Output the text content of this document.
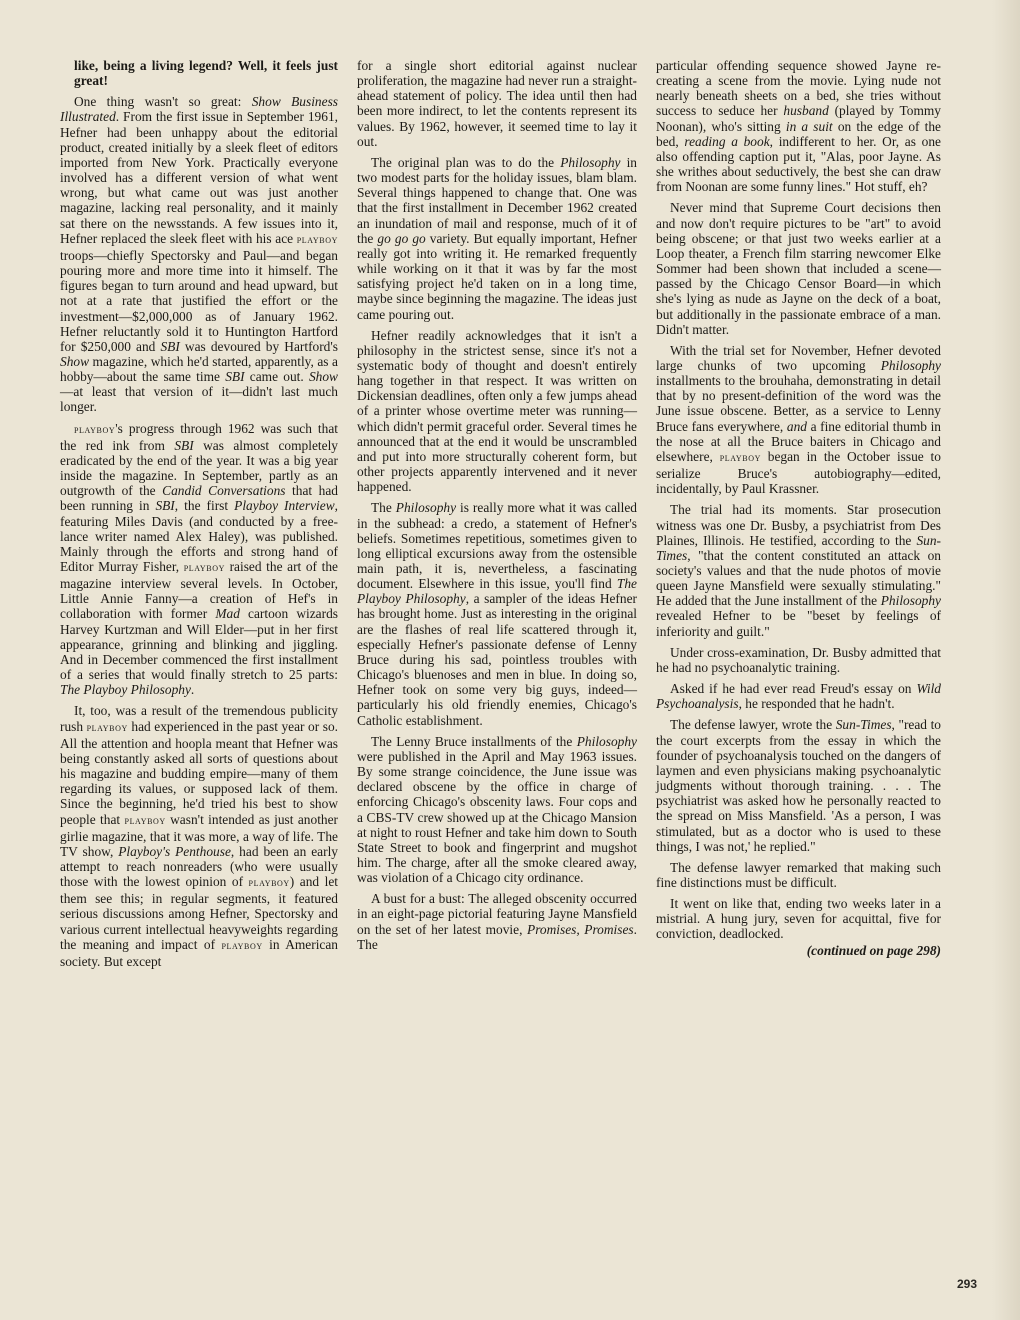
like, being a living legend? Well, it feels just great!

One thing wasn't so great: Show Business Illustrated. From the first issue in September 1961, Hefner had been unhappy about the editorial product, created initially by a sleek fleet of editors imported from New York. Practically everyone involved has a different version of what went wrong, but what came out was just another magazine, lacking real personality, and it mainly sat there on the newsstands. A few issues into it, Hefner replaced the sleek fleet with his ace playboy troops—chiefly Spectorsky and Paul—and began pouring more and more time into it himself. The figures began to turn around and head upward, but not at a rate that justified the effort or the investment—$2,000,000 as of January 1962. Hefner reluctantly sold it to Huntington Hartford for $250,000 and SBI was devoured by Hartford's Show magazine, which he'd started, apparently, as a hobby—about the same time SBI came out. Show—at least that version of it—didn't last much longer.

playboy's progress through 1962 was such that the red ink from SBI was almost completely eradicated by the end of the year. It was a big year inside the magazine. In September, partly as an outgrowth of the Candid Conversations that had been running in SBI, the first Playboy Interview, featuring Miles Davis (and conducted by a free-lance writer named Alex Haley), was published. Mainly through the efforts and strong hand of Editor Murray Fisher, playboy raised the art of the magazine interview several levels. In October, Little Annie Fanny—a creation of Hef's in collaboration with former Mad cartoon wizards Harvey Kurtzman and Will Elder—put in her first appearance, grinning and blinking and jiggling. And in December commenced the first installment of a series that would finally stretch to 25 parts: The Playboy Philosophy.

It, too, was a result of the tremendous publicity rush playboy had experienced in the past year or so. All the attention and hoopla meant that Hefner was being constantly asked all sorts of questions about his magazine and budding empire—many of them regarding its values, or supposed lack of them. Since the beginning, he'd tried his best to show people that playboy wasn't intended as just another girlie magazine, that it was more, a way of life. The TV show, Playboy's Penthouse, had been an early attempt to reach nonreaders (who were usually those with the lowest opinion of playboy) and let them see this; in regular segments, it featured serious discussions among Hefner, Spectorsky and various current intellectual heavyweights regarding the meaning and impact of playboy in American society. But except

for a single short editorial against nuclear proliferation, the magazine had never run a straight-ahead statement of policy. The idea until then had been more indirect, to let the contents represent its values. By 1962, however, it seemed time to lay it out.

The original plan was to do the Philosophy in two modest parts for the holiday issues, blam blam. Several things happened to change that. One was that the first installment in December 1962 created an inundation of mail and response, much of it of the go go go variety. But equally important, Hefner really got into writing it. He remarked frequently while working on it that it was by far the most satisfying project he'd taken on in a long time, maybe since beginning the magazine. The ideas just came pouring out.

Hefner readily acknowledges that it isn't a philosophy in the strictest sense, since it's not a systematic body of thought and doesn't entirely hang together in that respect. It was written on Dickensian deadlines, often only a few jumps ahead of a printer whose overtime meter was running—which didn't permit graceful order. Several times he announced that at the end it would be unscrambled and put into more structurally coherent form, but other projects apparently intervened and it never happened.

The Philosophy is really more what it was called in the subhead: a credo, a statement of Hefner's beliefs. Sometimes repetitious, sometimes given to long elliptical excursions away from the ostensible main path, it is, nevertheless, a fascinating document. Elsewhere in this issue, you'll find The Playboy Philosophy, a sampler of the ideas Hefner has brought home. Just as interesting in the original are the flashes of real life scattered through it, especially Hefner's passionate defense of Lenny Bruce during his sad, pointless troubles with Chicago's bluenoses and men in blue. In doing so, Hefner took on some very big guys, indeed—particularly his old friendly enemies, Chicago's Catholic establishment.

The Lenny Bruce installments of the Philosophy were published in the April and May 1963 issues. By some strange coincidence, the June issue was declared obscene by the office in charge of enforcing Chicago's obscenity laws. Four cops and a CBS-TV crew showed up at the Chicago Mansion at night to roust Hefner and take him down to South State Street to book and fingerprint and mugshot him. The charge, after all the smoke cleared away, was violation of a Chicago city ordinance.

A bust for a bust: The alleged obscenity occurred in an eight-page pictorial featuring Jayne Mansfield on the set of her latest movie, Promises, Promises. The

particular offending sequence showed Jayne re-creating a scene from the movie. Lying nude not nearly beneath sheets on a bed, she tries without success to seduce her husband (played by Tommy Noonan), who's sitting in a suit on the edge of the bed, reading a book, indifferent to her. Or, as one also offending caption put it, "Alas, poor Jayne. As she writhes about seductively, the best she can draw from Noonan are some funny lines." Hot stuff, eh?

Never mind that Supreme Court decisions then and now don't require pictures to be "art" to avoid being obscene; or that just two weeks earlier at a Loop theater, a French film starring newcomer Elke Sommer had been shown that included a scene—passed by the Chicago Censor Board—in which she's lying as nude as Jayne on the deck of a boat, but additionally in the passionate embrace of a man. Didn't matter.

With the trial set for November, Hefner devoted large chunks of two upcoming Philosophy installments to the brouhaha, demonstrating in detail that by no present-definition of the word was the June issue obscene. Better, as a service to Lenny Bruce fans everywhere, and a fine editorial thumb in the nose at all the Bruce baiters in Chicago and elsewhere, playboy began in the October issue to serialize Bruce's autobiography—edited, incidentally, by Paul Krassner.

The trial had its moments. Star prosecution witness was one Dr. Busby, a psychiatrist from Des Plaines, Illinois. He testified, according to the Sun-Times, "that the content constituted an attack on society's values and that the nude photos of movie queen Jayne Mansfield were sexually stimulating." He added that the June installment of the Philosophy revealed Hefner to be "beset by feelings of inferiority and guilt."

Under cross-examination, Dr. Busby admitted that he had no psychoanalytic training.

Asked if he had ever read Freud's essay on Wild Psychoanalysis, he responded that he hadn't.

The defense lawyer, wrote the Sun-Times, "read to the court excerpts from the essay in which the founder of psychoanalysis touched on the dangers of laymen and even physicians making psychoanalytic judgments without thorough training. . . . The psychiatrist was asked how he personally reacted to the spread on Miss Mansfield. 'As a person, I was stimulated, but as a doctor who is used to these things, I was not,' he replied."

The defense lawyer remarked that making such fine distinctions must be difficult.

It went on like that, ending two weeks later in a mistrial. A hung jury, seven for acquittal, five for conviction, deadlocked.

(continued on page 298)
293
